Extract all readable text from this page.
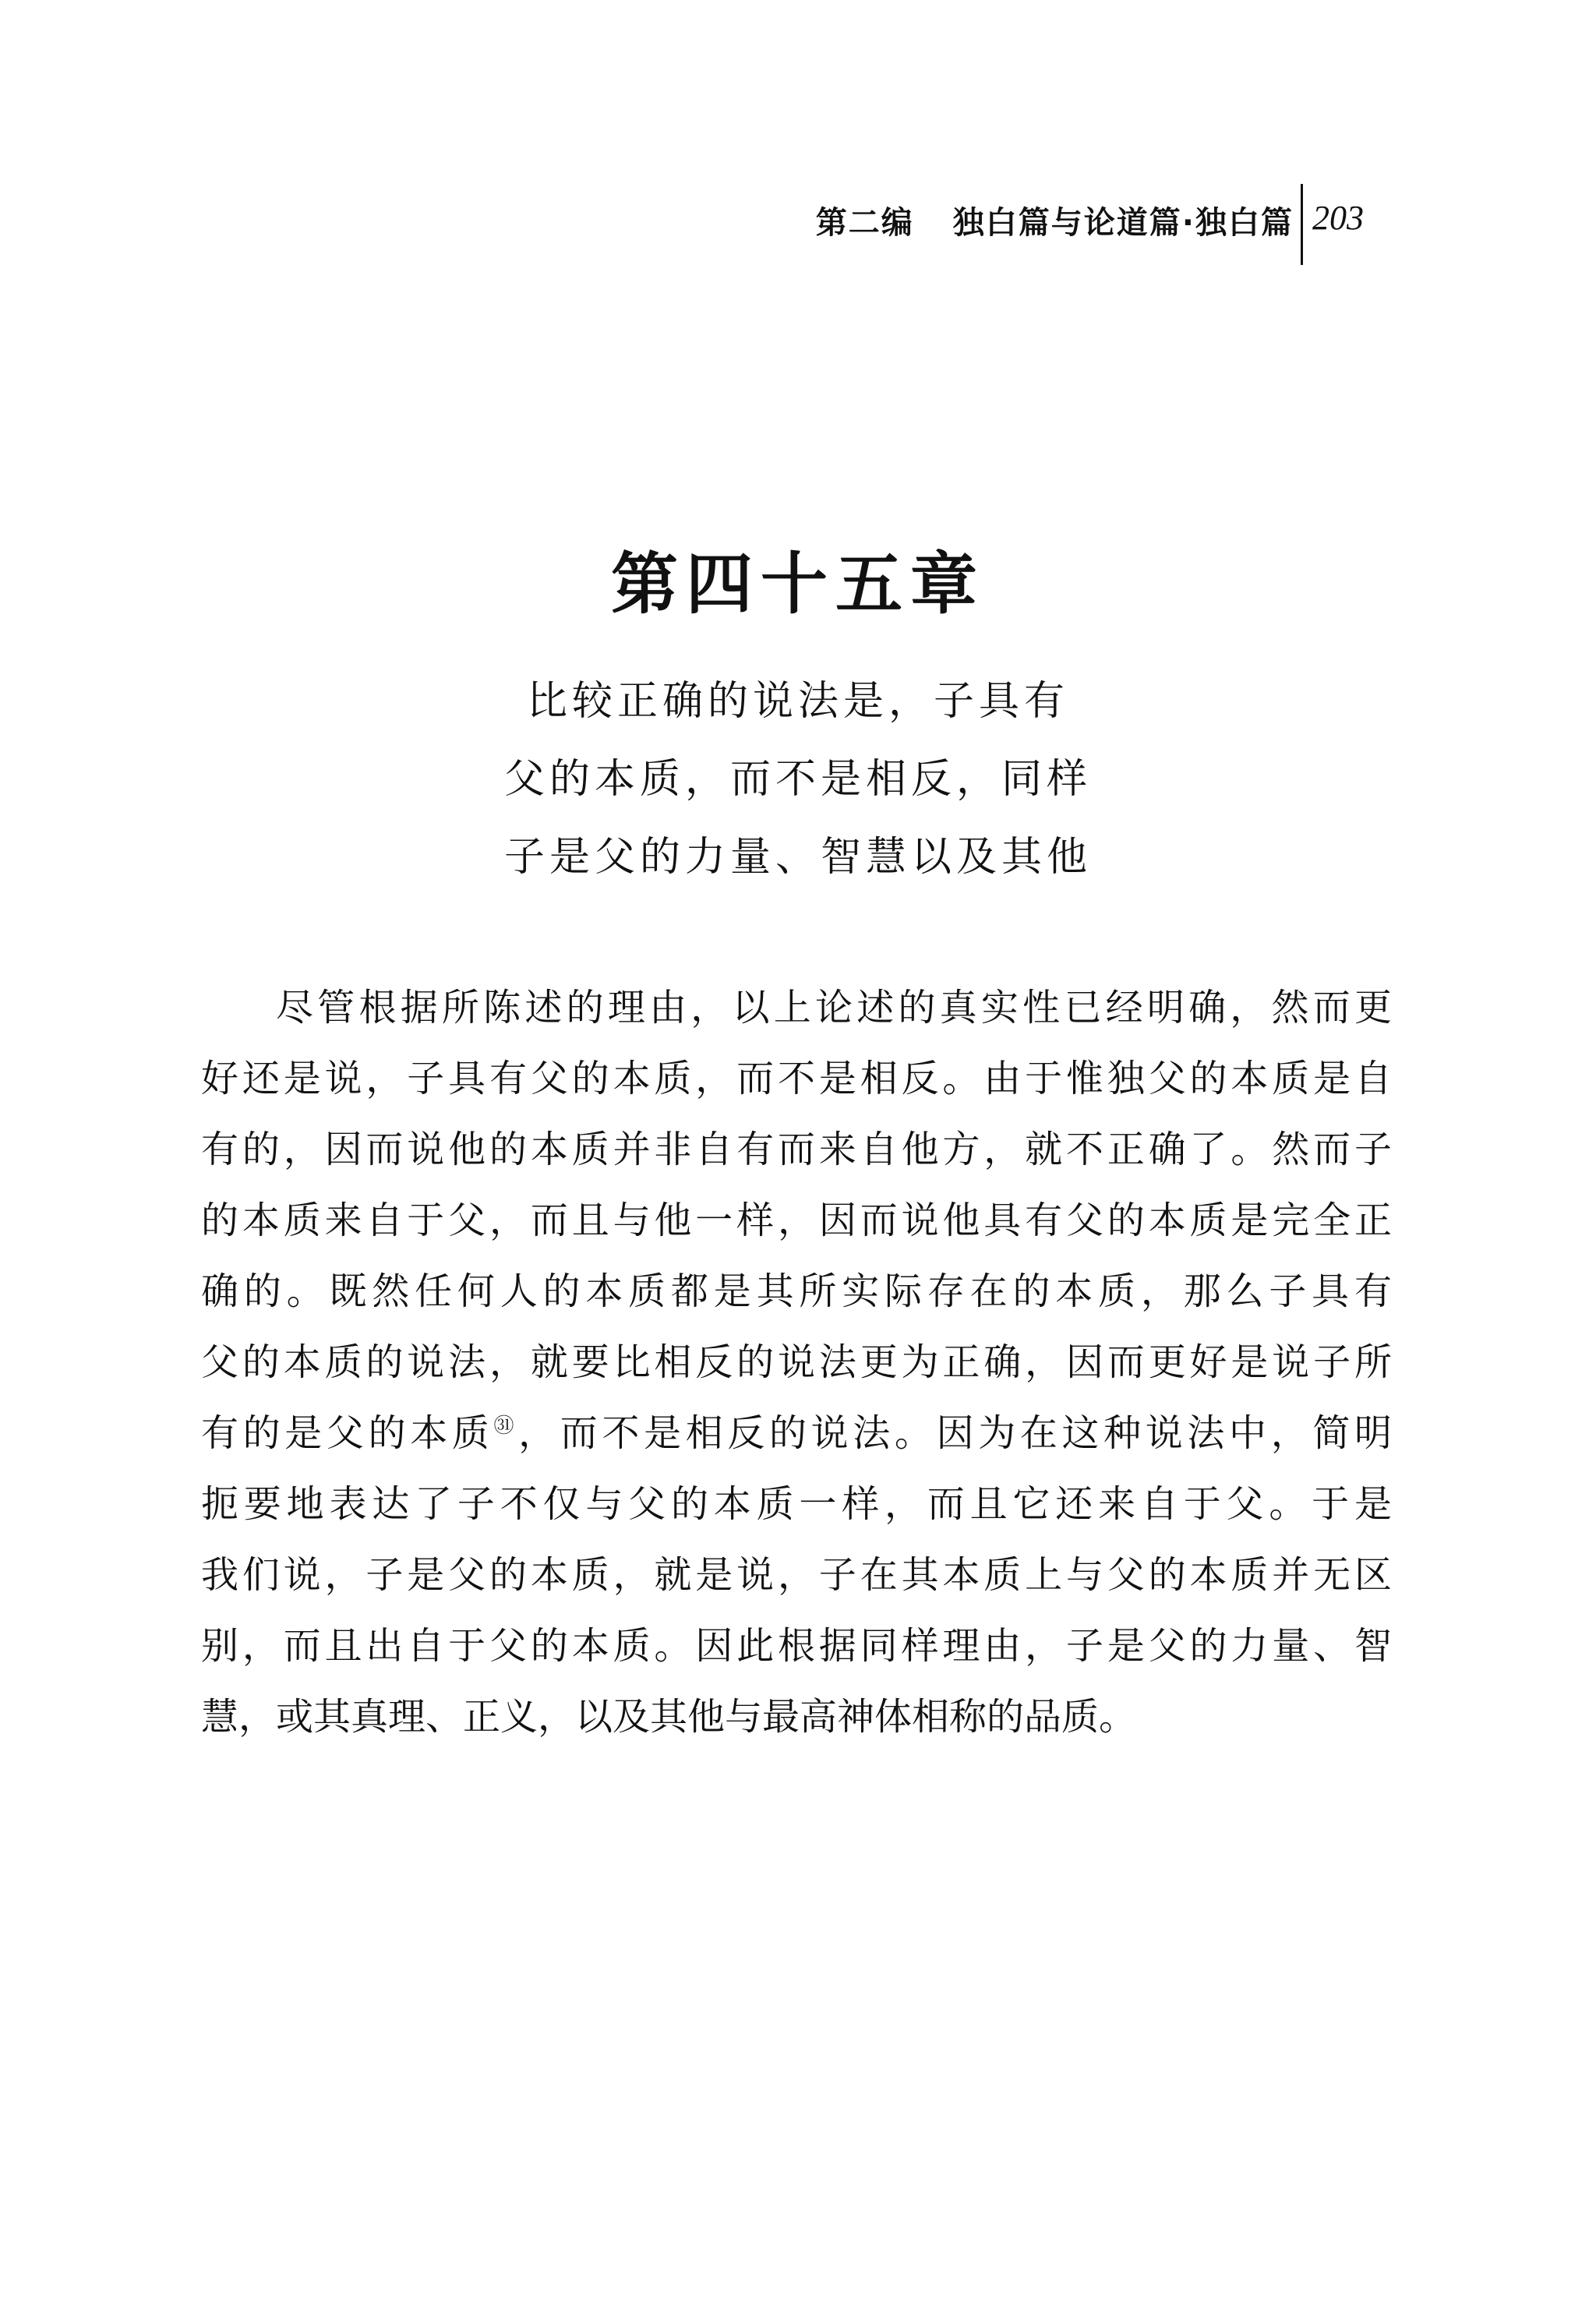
第二编 独白篇与论道篇·独白篇 203
第四十五章
比较正确的说法是，子具有
父的本质，而不是相反，同样
子是父的力量、智慧以及其他
尽管根据所陈述的理由，以上论述的真实性已经明确，然而更
好还是说，子具有父的本质，而不是相反。由于惟独父的本质是自
有的，因而说他的本质并非自有而来自他方，就不正确了。然而子
的本质来自于父，而且与他一样，因而说他具有父的本质是完全正
确的。既然任何人的本质都是其所实际存在的本质，那么子具有
父的本质的说法，就要比相反的说法更为正确，因而更好是说子所
有的是父的本质$^㉛$，而不是相反的说法。因为在这种说法中，简明
扼要地表达了子不仅与父的本质一样，而且它还来自于父。于是
我们说，子是父的本质，就是说，子在其本质上与父的本质并无区
别，而且出自于父的本质。因此根据同样理由，子是父的力量、智
慧，或其真理、正义，以及其他与最高神体相称的品质。
